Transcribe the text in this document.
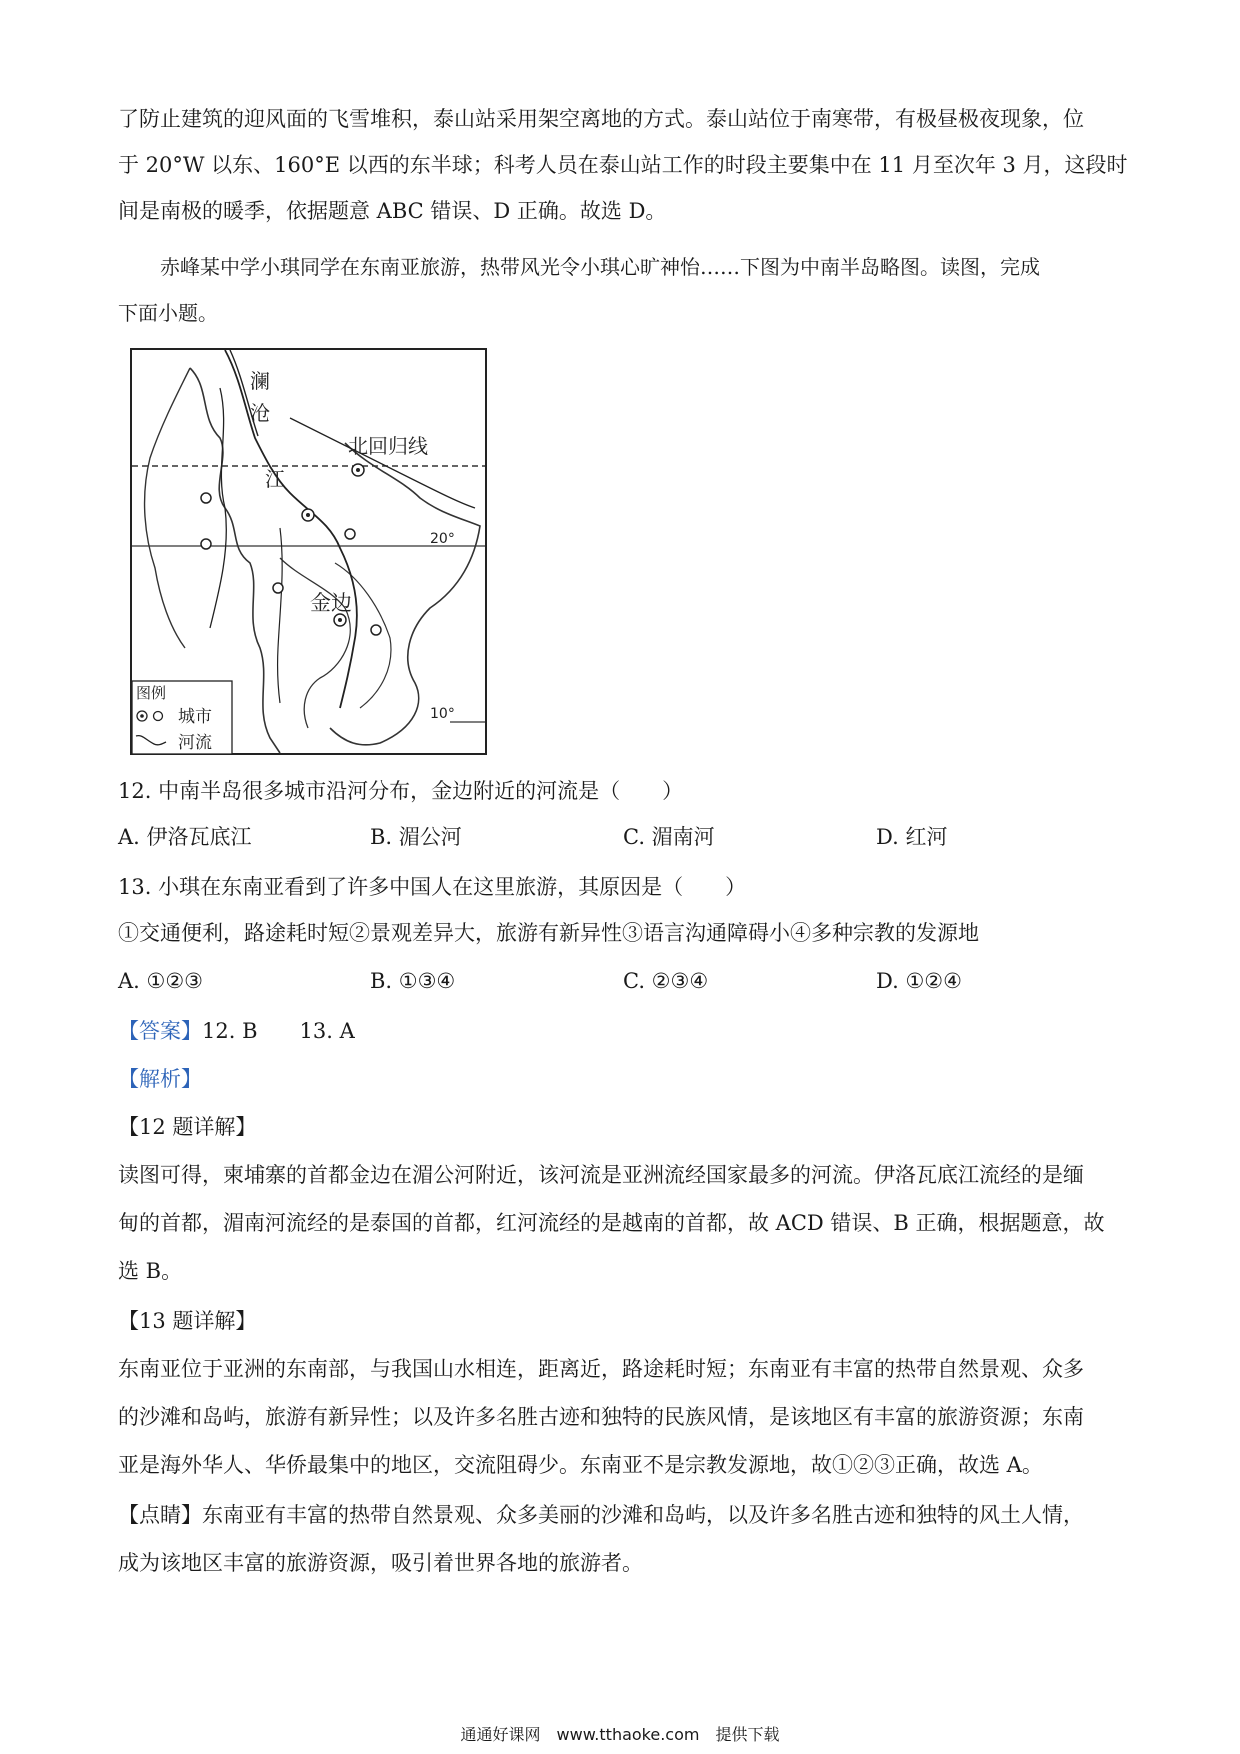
了防止建筑的迎风面的飞雪堆积，泰山站采用架空离地的方式。泰山站位于南寒带，有极昼极夜现象，位
于 20°W 以东、160°E 以西的东半球；科考人员在泰山站工作的时段主要集中在 11 月至次年 3 月，这段时
间是南极的暖季，依据题意 ABC 错误、D 正确。故选 D。
赤峰某中学小琪同学在东南亚旅游，热带风光令小琪心旷神怡……下图为中南半岛略图。读图，完成
下面小题。
澜
沧
江
北回归线
20°
10°
金边
图例
城市
河流
12. 中南半岛很多城市沿河分布，金边附近的河流是（　　）
A. 伊洛瓦底江	B. 湄公河	C. 湄南河	D. 红河
13. 小琪在东南亚看到了许多中国人在这里旅游，其原因是（　　）
①交通便利，路途耗时短②景观差异大，旅游有新异性③语言沟通障碍小④多种宗教的发源地
A. ①②③	B. ①③④	C. ②③④	D. ①②④
【答案】12. B　　13. A
【解析】
【12 题详解】
读图可得，柬埔寨的首都金边在湄公河附近，该河流是亚洲流经国家最多的河流。伊洛瓦底江流经的是缅
甸的首都，湄南河流经的是泰国的首都，红河流经的是越南的首都，故 ACD 错误、B 正确，根据题意，故
选 B。
【13 题详解】
东南亚位于亚洲的东南部，与我国山水相连，距离近，路途耗时短；东南亚有丰富的热带自然景观、众多
的沙滩和岛屿，旅游有新异性；以及许多名胜古迹和独特的民族风情，是该地区有丰富的旅游资源；东南
亚是海外华人、华侨最集中的地区，交流阻碍少。东南亚不是宗教发源地，故①②③正确，故选 A。
【点睛】东南亚有丰富的热带自然景观、众多美丽的沙滩和岛屿，以及许多名胜古迹和独特的风土人情，
成为该地区丰富的旅游资源，吸引着世界各地的旅游者。
通通好课网　www.tthaoke.com　提供下载
